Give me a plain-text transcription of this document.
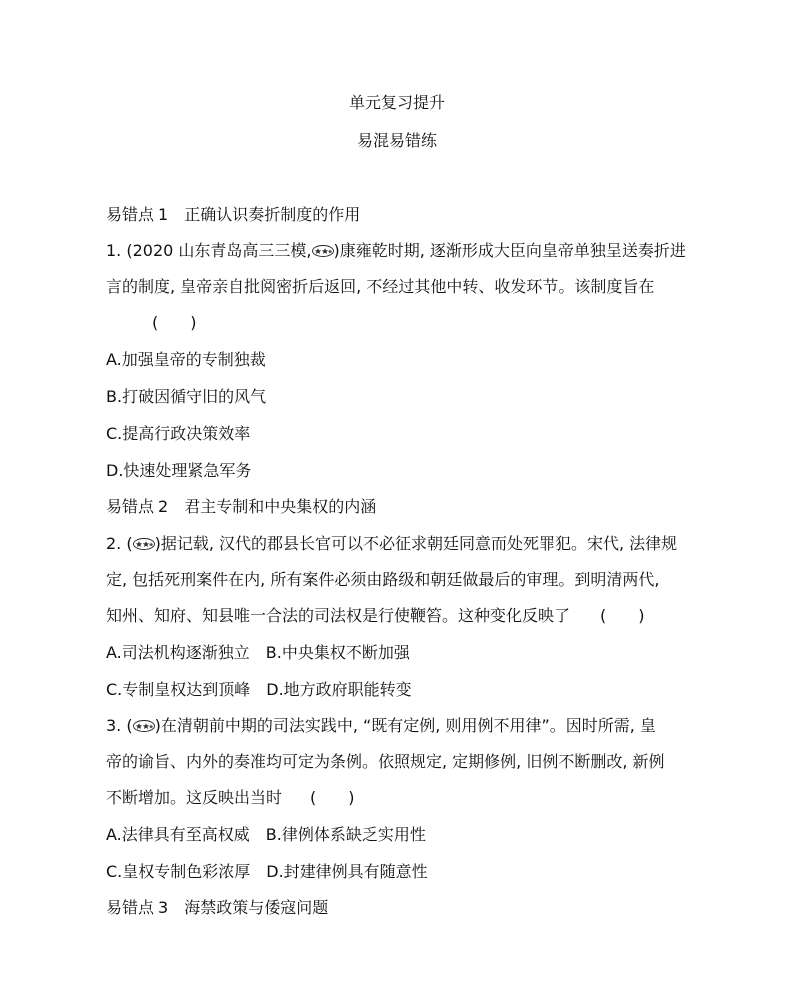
单元复习提升
易混易错练
易错点 1 正确认识奏折制度的作用
1. (2020 山东青岛高三三模, )康雍乾时期, 逐渐形成大臣向皇帝单独呈送奏折进
言的制度, 皇帝亲自批阅密折后返回, 不经过其他中转、收发环节。该制度旨在
(　　)
A.加强皇帝的专制独裁
B.打破因循守旧的风气
C.提高行政决策效率
D.快速处理紧急军务
易错点 2 君主专制和中央集权的内涵
2. ( )据记载, 汉代的郡县长官可以不必征求朝廷同意而处死罪犯。宋代, 法律规
定, 包括死刑案件在内, 所有案件必须由路级和朝廷做最后的审理。到明清两代,
知州、知府、知县唯一合法的司法权是行使鞭笞。这种变化反映了 (　　)
A.司法机构逐渐独立 B.中央集权不断加强
C.专制皇权达到顶峰 D.地方政府职能转变
3. ( )在清朝前中期的司法实践中, “既有定例, 则用例不用律”。因时所需, 皇
帝的谕旨、内外的奏准均可定为条例。依照规定, 定期修例, 旧例不断删改, 新例
不断增加。这反映出当时 (　　)
A.法律具有至高权威 B.律例体系缺乏实用性
C.皇权专制色彩浓厚 D.封建律例具有随意性
易错点 3 海禁政策与倭寇问题
